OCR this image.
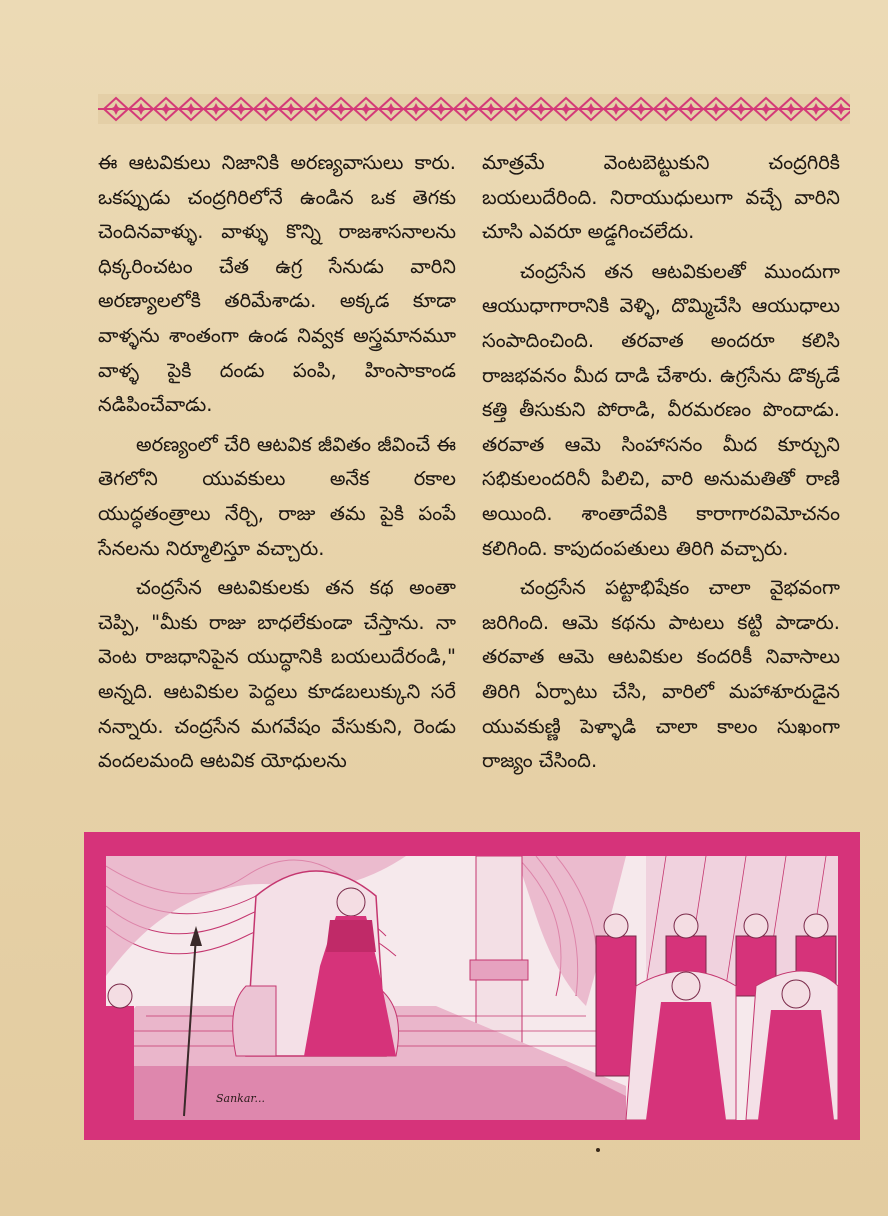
ఈ ఆటవికులు నిజానికి అరణ్యవాసులు కారు. ఒకప్పుడు చంద్రగిరిలోనే ఉండిన ఒక తెగకు చెందినవాళ్ళు. వాళ్ళు కొన్ని రాజశాసనాలను ధిక్కరించటం చేత ఉగ్ర సేనుడు వారిని అరణ్యాలలోకి తరిమేశాడు. అక్కడ కూడా వాళ్ళను శాంతంగా ఉండ నివ్వక అస్త్రమానమూ వాళ్ళ పైకి దండు పంపి, హింసాకాండ నడిపించేవాడు.

అరణ్యంలో చేరి ఆటవిక జీవితం జీవించే ఈ తెగలోని యువకులు అనేక రకాల యుద్ధతంత్రాలు నేర్చి, రాజు తమ పైకి పంపే సేనలను నిర్మూలిస్తూ వచ్చారు.

చంద్రసేన ఆటవికులకు తన కథ అంతా చెప్పి, "మీకు రాజు బాధలేకుండా చేస్తాను. నా వెంట రాజధానిపైన యుద్ధానికి బయలుదేరండి," అన్నది. ఆటవికుల పెద్దలు కూడబలుక్కుని సరే నన్నారు. చంద్రసేన మగవేషం వేసుకుని, రెండు వందలమంది ఆటవిక యోధులను

మాత్రమే వెంటబెట్టుకుని చంద్రగిరికి బయలుదేరింది. నిరాయుధులుగా వచ్చే వారిని చూసి ఎవరూ అడ్డగించలేదు.

చంద్రసేన తన ఆటవికులతో ముందుగా ఆయుధాగారానికి వెళ్ళి, దొమ్మిచేసి ఆయుధాలు సంపాదించింది. తరవాత అందరూ కలిసి రాజభవనం మీద దాడి చేశారు. ఉగ్రసేను డొక్కడే కత్తి తీసుకుని పోరాడి, వీరమరణం పొందాడు. తరవాత ఆమె సింహాసనం మీద కూర్చుని సభికులందరినీ పిలిచి, వారి అనుమతితో రాణి అయింది. శాంతాదేవికి కారాగారవిమోచనం కలిగింది. కాపుదంపతులు తిరిగి వచ్చారు.

చంద్రసేన పట్టాభిషేకం చాలా వైభవంగా జరిగింది. ఆమె కథను పాటలు కట్టి పాడారు. తరవాత ఆమె ఆటవికుల కందరికీ నివాసాలు తిరిగి ఏర్పాటు చేసి, వారిలో మహాశూరుడైన యువకుణ్ణి పెళ్ళాడి చాలా కాలం సుఖంగా రాజ్యం చేసింది.

Sankar...
